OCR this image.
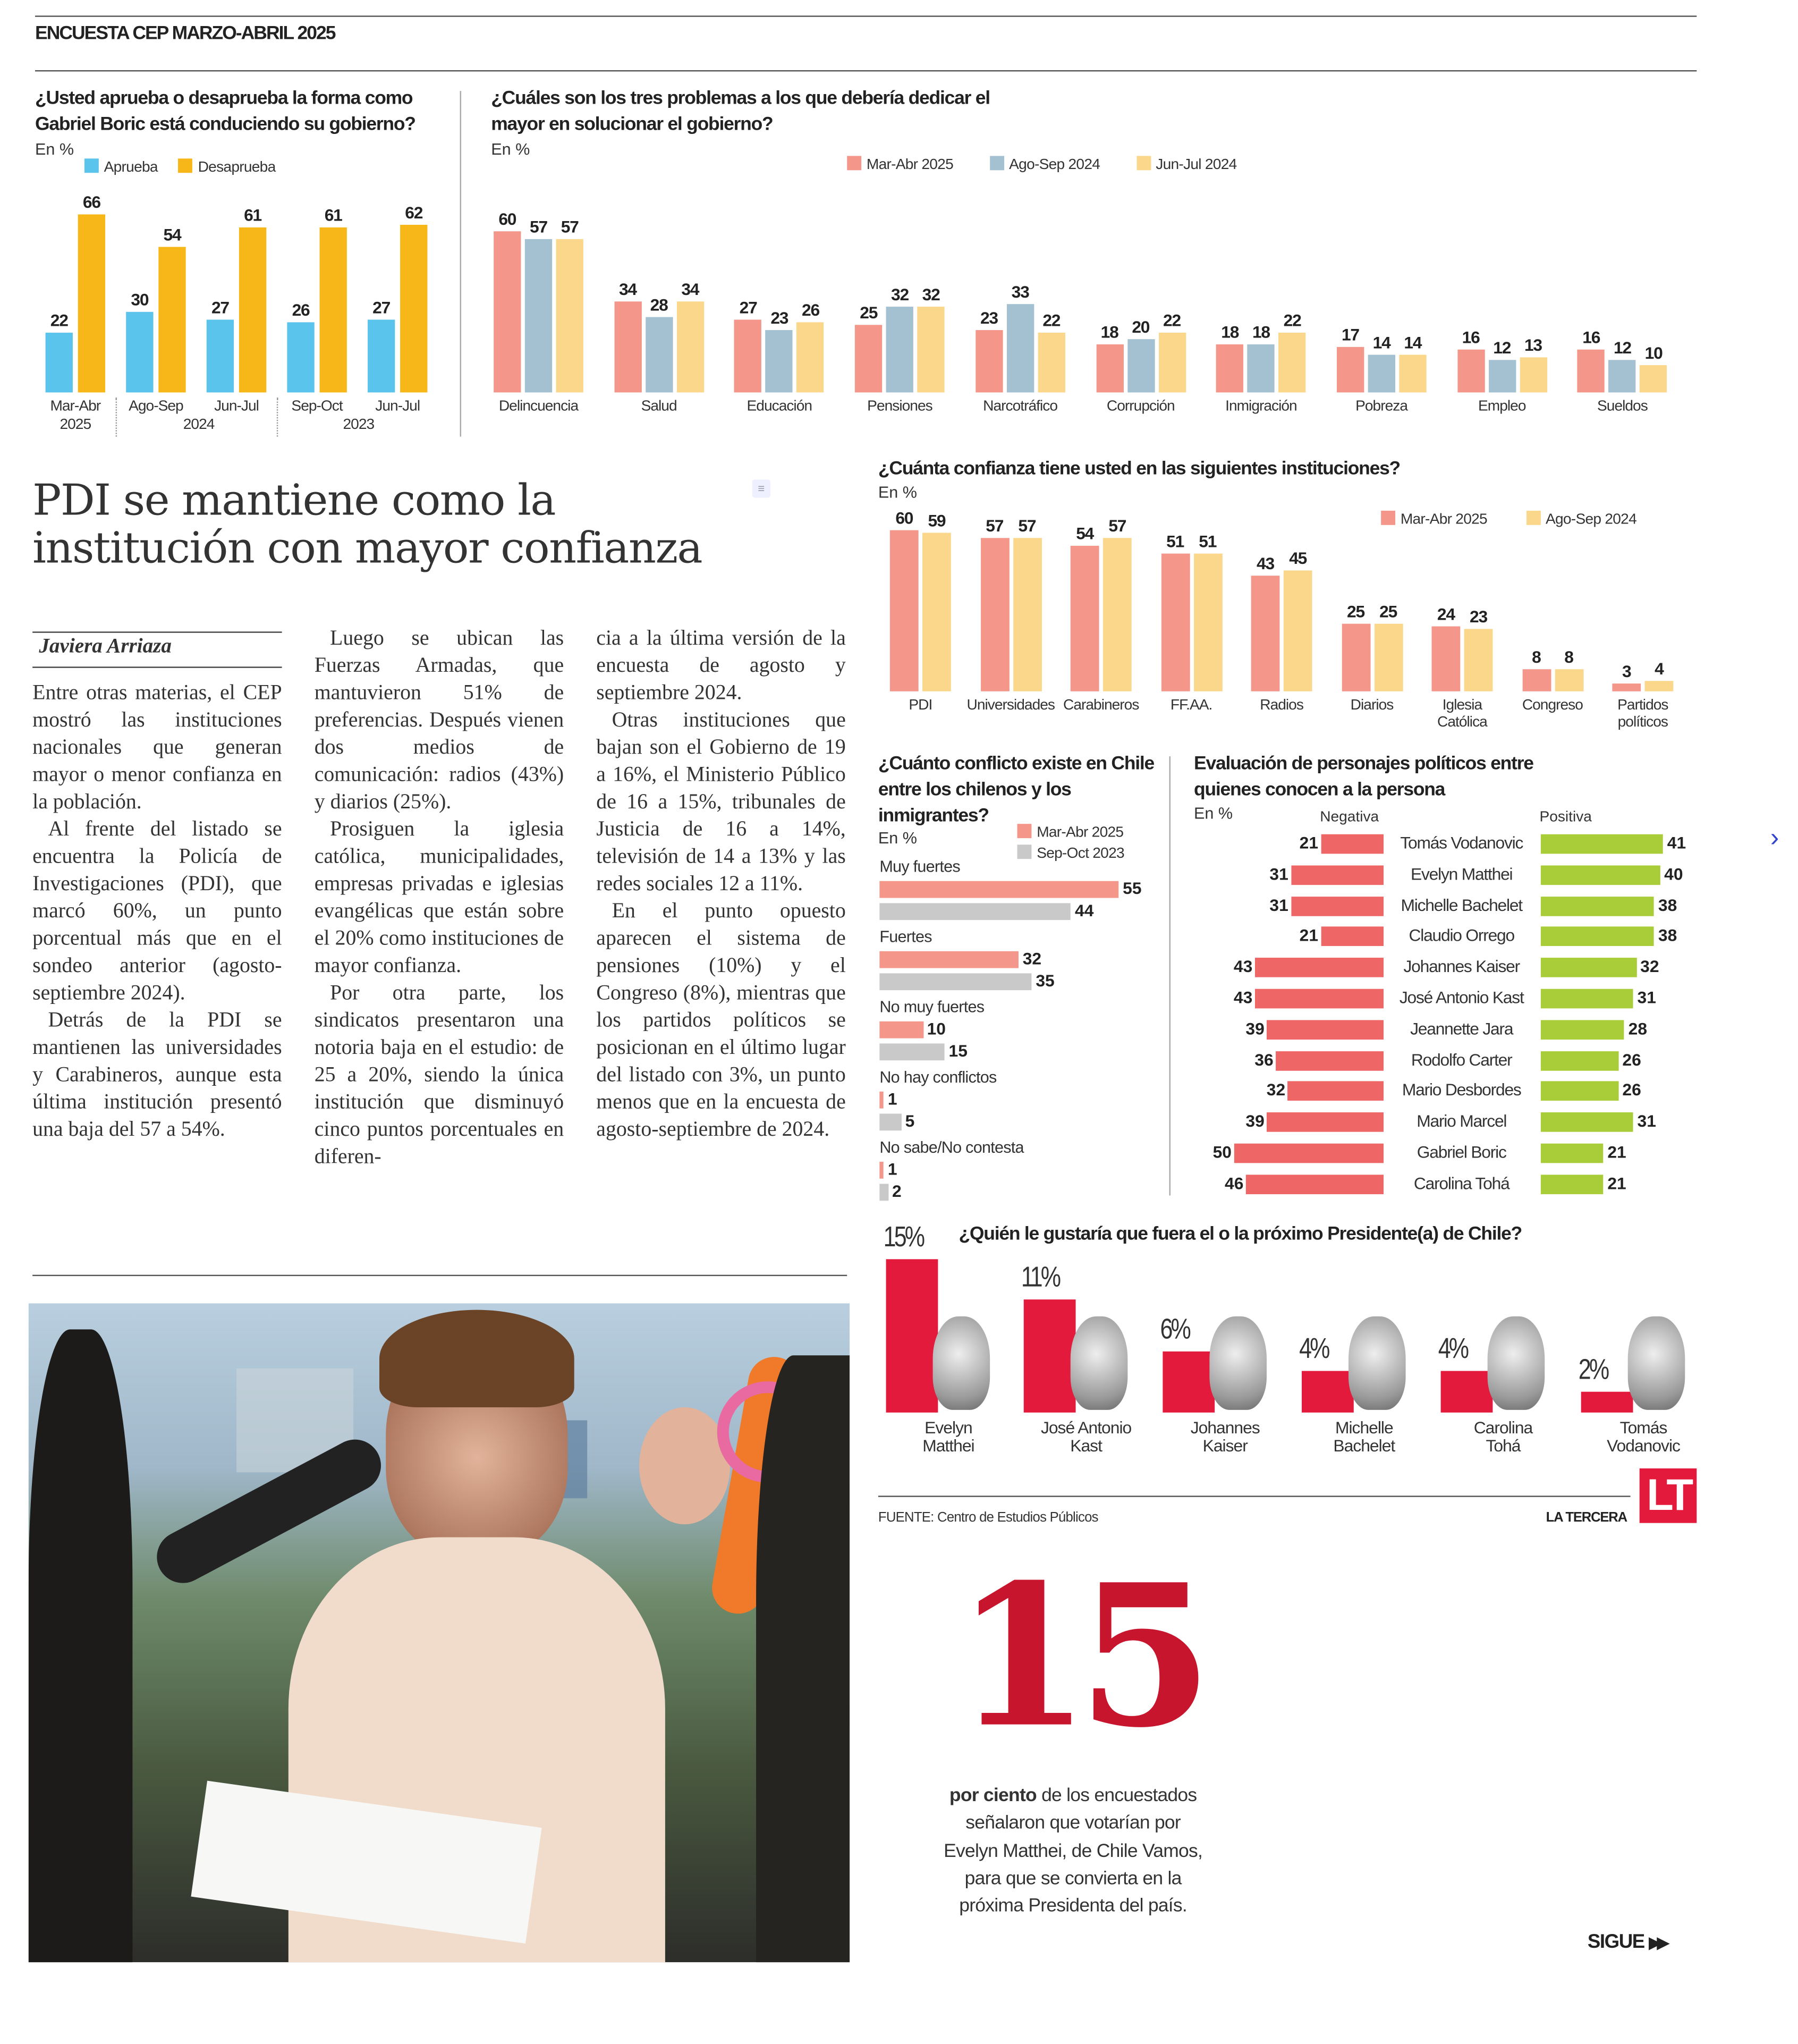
ENCUESTA CEP MARZO-ABRIL 2025
¿Usted aprueba o desaprueba la forma como Gabriel Boric está conduciendo su gobierno?
En %
Aprueba	Desaprueba
22
66
Mar-Abr
30
54
Ago-Sep
27
61
Jun-Jul
26
61
Sep-Oct
27
62
Jun-Jul
2025	2024	2023
¿Cuáles son los tres problemas a los que debería dedicar el mayor en solucionar el gobierno?
En %
Mar-Abr 2025	Ago-Sep 2024	Jun-Jul 2024
60	57	57
Delincuencia
34
28
34
Salud
27
23	26
Educación
25
32	32
Pensiones
23
33
22
Narcotráfico
18	20	22
Corrupción
18	18
22
Inmigración
17	14	14
Pobreza
16
12	13
Empleo
16
12	10
Sueldos
PDI se mantiene como la institución con mayor confianza
≡
Javiera Arriaza

Entre otras materias, el CEP mostró las instituciones nacionales que generan mayor o menor confianza en la población.

Al frente del listado se encuentra la Policía de Investigaciones (PDI), que marcó 60%, un punto porcentual más que en el sondeo anterior (agosto-septiembre 2024).

Detrás de la PDI se mantienen las universidades y Carabineros, aunque esta última institución presentó una baja del 57 a 54%.

Luego se ubican las Fuerzas Armadas, que mantuvieron 51% de preferencias. Después vienen dos medios de comunicación: radios (43%) y diarios (25%).

Prosiguen la iglesia católica, municipalidades, empresas privadas e iglesias evangélicas que están sobre el 20% como instituciones de mayor confianza.

Por otra parte, los sindicatos presentaron una notoria baja en el estudio: de 25 a 20%, siendo la única institución que disminuyó cinco puntos porcentuales en diferen-

cia a la última versión de la encuesta de agosto y septiembre 2024.

Otras instituciones que bajan son el Gobierno de 19 a 16%, el Ministerio Público de 16 a 15%, tribunales de Justicia de 16 a 14%, televisión de 14 a 13% y las redes sociales 12 a 11%.

En el punto opuesto aparecen el sistema de pensiones (10%) y el Congreso (8%), mientras que los partidos políticos se posicionan en el último lugar del listado con 3%, un punto menos que en la encuesta de agosto-septiembre de 2024.

¿Cuánta confianza tiene usted en las siguientes instituciones?
En %
Mar-Abr 2025	Ago-Sep 2024
60	59
PDI
57	57
Universidades
54	57
Carabineros
51	51
FF.AA.
43	45
Radios
25	25
Diarios
24	23
Iglesia Católica
8	8
Congreso
3	4
Partidos políticos
¿Cuánto conflicto existe en Chile entre los chilenos y los inmigrantes?
En %	Mar-Abr 2025
Sep-Oct 2023
Muy fuertes
55
44
Fuertes
32
35
No muy fuertes
10
15
No hay conflictos
1
5
No sabe/No contesta
1
2
Evaluación de personajes políticos entre quienes conocen a la persona
En %	Negativa	Positiva
21	Tomás Vodanovic	41
31	Evelyn Matthei	40
31	Michelle Bachelet	38
21	Claudio Orrego	38
43	Johannes Kaiser	32
43	José Antonio Kast	31
39	Jeannette Jara	28
36	Rodolfo Carter	26
32	Mario Desbordes	26
39	Mario Marcel	31
50	Gabriel Boric	21
46	Carolina Tohá	21
¿Quién le gustaría que fuera el o la próximo Presidente(a) de Chile?
15%
Evelyn
Matthei
11%
José Antonio
Kast
6%
Johannes
Kaiser
4%
Michelle
Bachelet
4%
Carolina
Tohá
2%
Tomás
Vodanovic
FUENTE: Centro de Estudios Públicos	LA TERCERA	LT
15
por ciento de los encuestados señalaron que votarían por Evelyn Matthei, de Chile Vamos, para que se convierta en la próxima Presidenta del país.
SIGUE ▶▶
›
